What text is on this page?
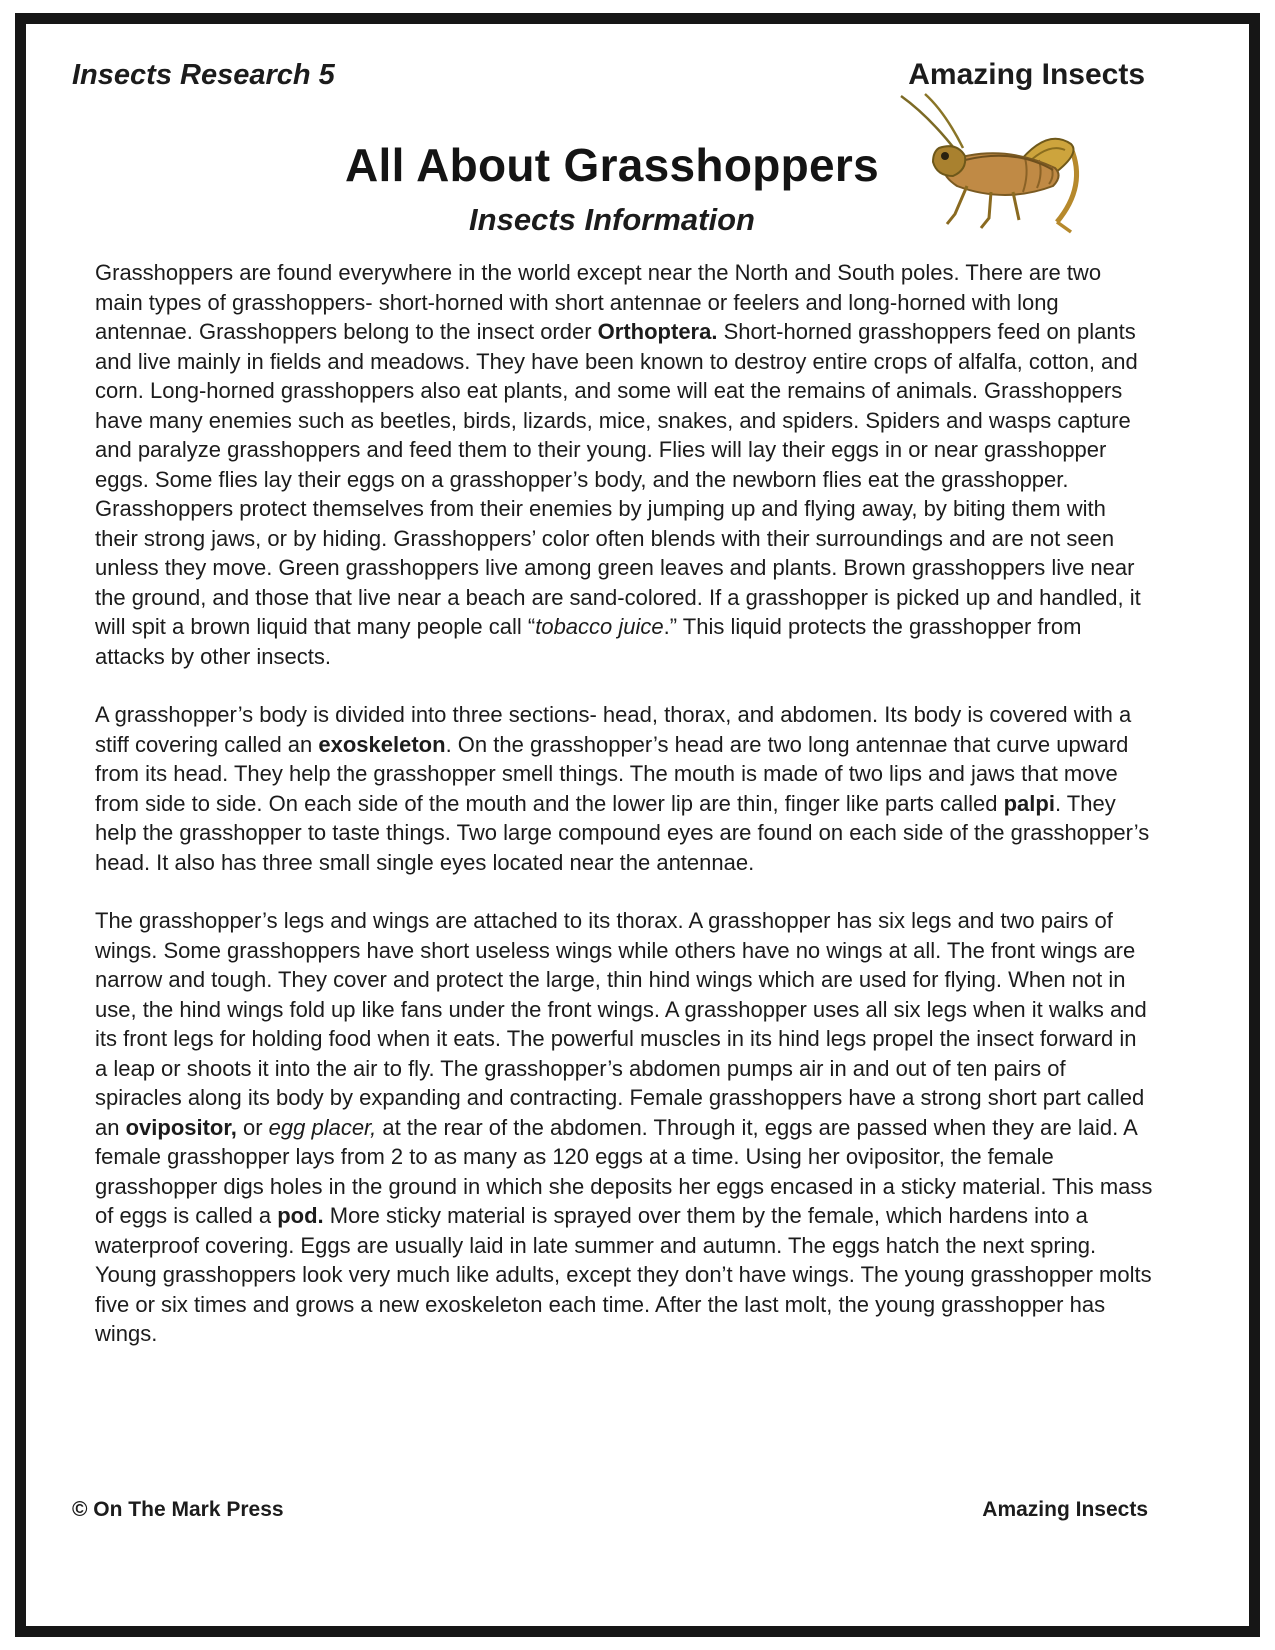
Insects Research 5	Amazing Insects
All About Grasshoppers
Insects Information

Grasshoppers are found everywhere in the world except near the North and South poles. There are two main types of grasshoppers- short-horned with short antennae or feelers and long-horned with long antennae. Grasshoppers belong to the insect order Orthoptera. Short-horned grasshoppers feed on plants and live mainly in fields and meadows. They have been known to destroy entire crops of alfalfa, cotton, and corn. Long-horned grasshoppers also eat plants, and some will eat the remains of animals. Grasshoppers have many enemies such as beetles, birds, lizards, mice, snakes, and spiders. Spiders and wasps capture and paralyze grasshoppers and feed them to their young. Flies will lay their eggs in or near grasshopper eggs. Some flies lay their eggs on a grasshopper’s body, and the newborn flies eat the grasshopper. Grasshoppers protect themselves from their enemies by jumping up and flying away, by biting them with their strong jaws, or by hiding. Grasshoppers’ color often blends with their surroundings and are not seen unless they move. Green grasshoppers live among green leaves and plants. Brown grasshoppers live near the ground, and those that live near a beach are sand-colored. If a grasshopper is picked up and handled, it will spit a brown liquid that many people call “tobacco juice.” This liquid protects the grasshopper from attacks by other insects.

A grasshopper’s body is divided into three sections- head, thorax, and abdomen. Its body is covered with a stiff covering called an exoskeleton. On the grasshopper’s head are two long antennae that curve upward from its head. They help the grasshopper smell things. The mouth is made of two lips and jaws that move from side to side. On each side of the mouth and the lower lip are thin, finger like parts called palpi. They help the grasshopper to taste things. Two large compound eyes are found on each side of the grasshopper’s head. It also has three small single eyes located near the antennae.

The grasshopper’s legs and wings are attached to its thorax. A grasshopper has six legs and two pairs of wings. Some grasshoppers have short useless wings while others have no wings at all. The front wings are narrow and tough. They cover and protect the large, thin hind wings which are used for flying. When not in use, the hind wings fold up like fans under the front wings. A grasshopper uses all six legs when it walks and its front legs for holding food when it eats. The powerful muscles in its hind legs propel the insect forward in a leap or shoots it into the air to fly. The grasshopper’s abdomen pumps air in and out of ten pairs of spiracles along its body by expanding and contracting. Female grasshoppers have a strong short part called an ovipositor, or egg placer, at the rear of the abdomen. Through it, eggs are passed when they are laid. A female grasshopper lays from 2 to as many as 120 eggs at a time. Using her ovipositor, the female grasshopper digs holes in the ground in which she deposits her eggs encased in a sticky material. This mass of eggs is called a pod. More sticky material is sprayed over them by the female, which hardens into a waterproof covering. Eggs are usually laid in late summer and autumn. The eggs hatch the next spring. Young grasshoppers look very much like adults, except they don’t have wings. The young grasshopper molts five or six times and grows a new exoskeleton each time. After the last molt, the young grasshopper has wings.

© On The Mark Press	Amazing Insects
